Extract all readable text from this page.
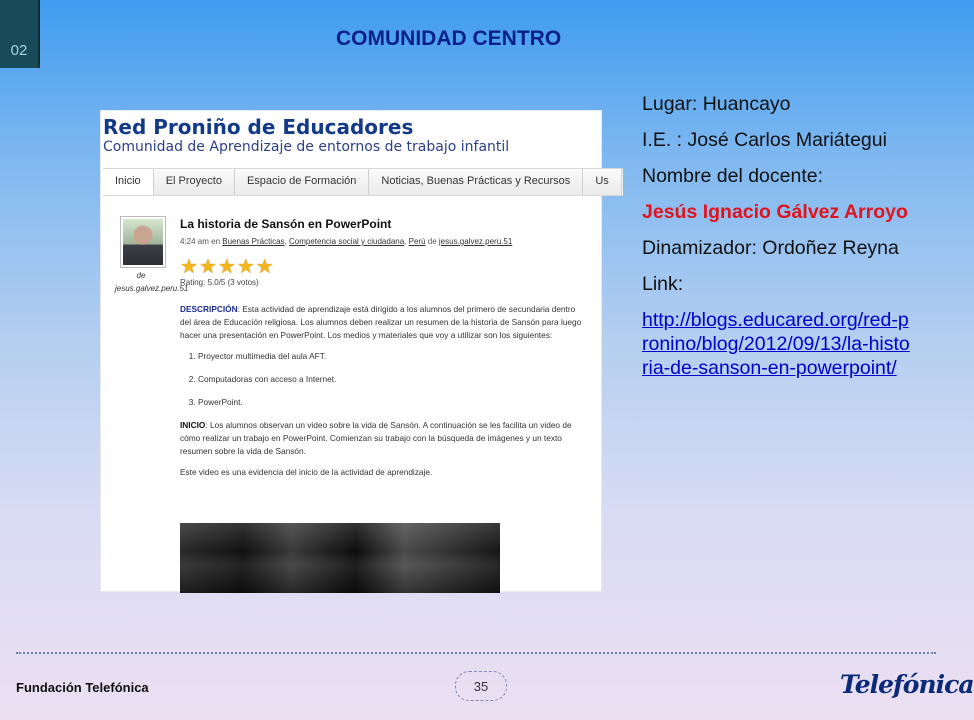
02	COMUNIDAD CENTRO
Red Proniño de Educadores
Comunidad de Aprendizaje de entornos de trabajo infantil
Inicio	El Proyecto	Espacio de Formación	Noticias, Buenas Prácticas y Recursos	Us
de jesus.galvez.peru.51
La historia de Sansón en PowerPoint
4:24 am en Buenas Prácticas, Competencia social y ciudadana, Perú de jesus.galvez.peru.51
★ ★ ★ ★ ★
Rating: 5.0/5 (3 votos)

DESCRIPCIÓN: Esta actividad de aprendizaje está dirigido a los alumnos del primero de secundaria dentro del área de Educación religiosa. Los alumnos deben realizar un resumen de la historia de Sansón para luego hacer una presentación en PowerPoint. Los medios y materiales que voy a utilizar son los siguientes:

1. Proyector multimedia del aula AFT.
2. Computadoras con acceso a Internet.
3. PowerPoint.

INICIO: Los alumnos observan un video sobre la vida de Sansón. A continuación se les facilita un video de cómo realizar un trabajo en PowerPoint. Comienzan su trabajo con la búsqueda de imágenes y un texto resumen sobre la vida de Sansón.

Este video es una evidencia del inicio de la actividad de aprendizaje.

Lugar: Huancayo
I.E. : José Carlos Mariátegui
Nombre del docente:
Jesús Ignacio Gálvez Arroyo
Dinamizador: Ordoñez Reyna
Link:
http://blogs.educared.org/red-pronino/blog/2012/09/13/la-historia-de-sanson-en-powerpoint/
Fundación Telefónica	35	Telefónica
